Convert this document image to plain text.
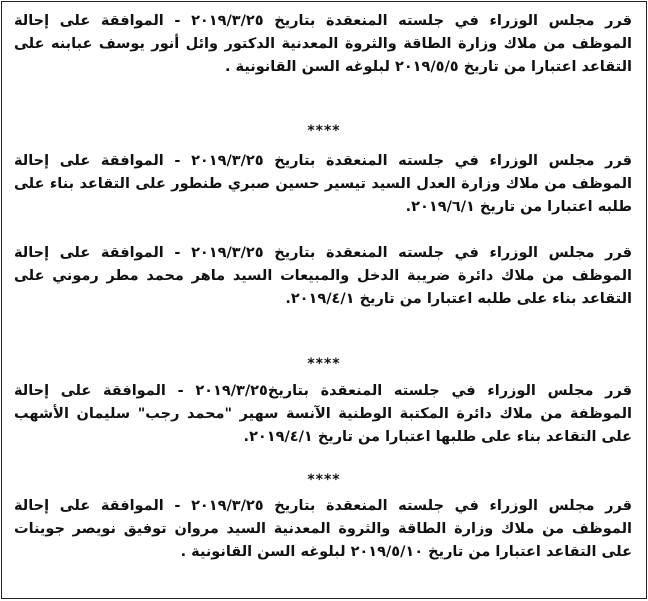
قرر مجلس الوزراء في جلسته المنعقدة بتاريخ ٢٠١٩/٣/٢٥ - الموافقة على إحالة الموظف من ملاك وزارة الطاقة والثروة المعدنية الدكتور وائل أنور يوسف عبابنه على التقاعد اعتبارا من تاريخ ٢٠١٩/٥/٥ لبلوغه السن القانونية .

****

قرر مجلس الوزراء في جلسته المنعقدة بتاريخ ٢٠١٩/٣/٢٥ - الموافقة على إحالة الموظف من ملاك وزارة العدل السيد تيسير حسين صبري طنطور على التقاعد بناء على طلبه اعتبارا من تاريخ ٢٠١٩/٦/١.

قرر مجلس الوزراء في جلسته المنعقدة بتاريخ ٢٠١٩/٣/٢٥ - الموافقة على إحالة الموظف من ملاك دائرة ضريبة الدخل والمبيعات السيد ماهر محمد مطر رموني على التقاعد بناء على طلبه اعتبارا من تاريخ ٢٠١٩/٤/١.

****

قرر مجلس الوزراء في جلسته المنعقدة بتاريخ٢٠١٩/٣/٢٥ - الموافقة على إحالة الموظفة من ملاك دائرة المكتبة الوطنية الآنسة سهير "محمد رجب" سليمان الأشهب على التقاعد بناء على طلبها اعتبارا من تاريخ ٢٠١٩/٤/١.

****

قرر مجلس الوزراء في جلسته المنعقدة بتاريخ ٢٠١٩/٣/٢٥ - الموافقة على إحالة الموظف من ملاك وزارة الطاقة والثروة المعدنية السيد مروان توفيق نويصر جوينات على التقاعد اعتبارا من تاريخ ٢٠١٩/٥/١٠ لبلوغه السن القانونية .
